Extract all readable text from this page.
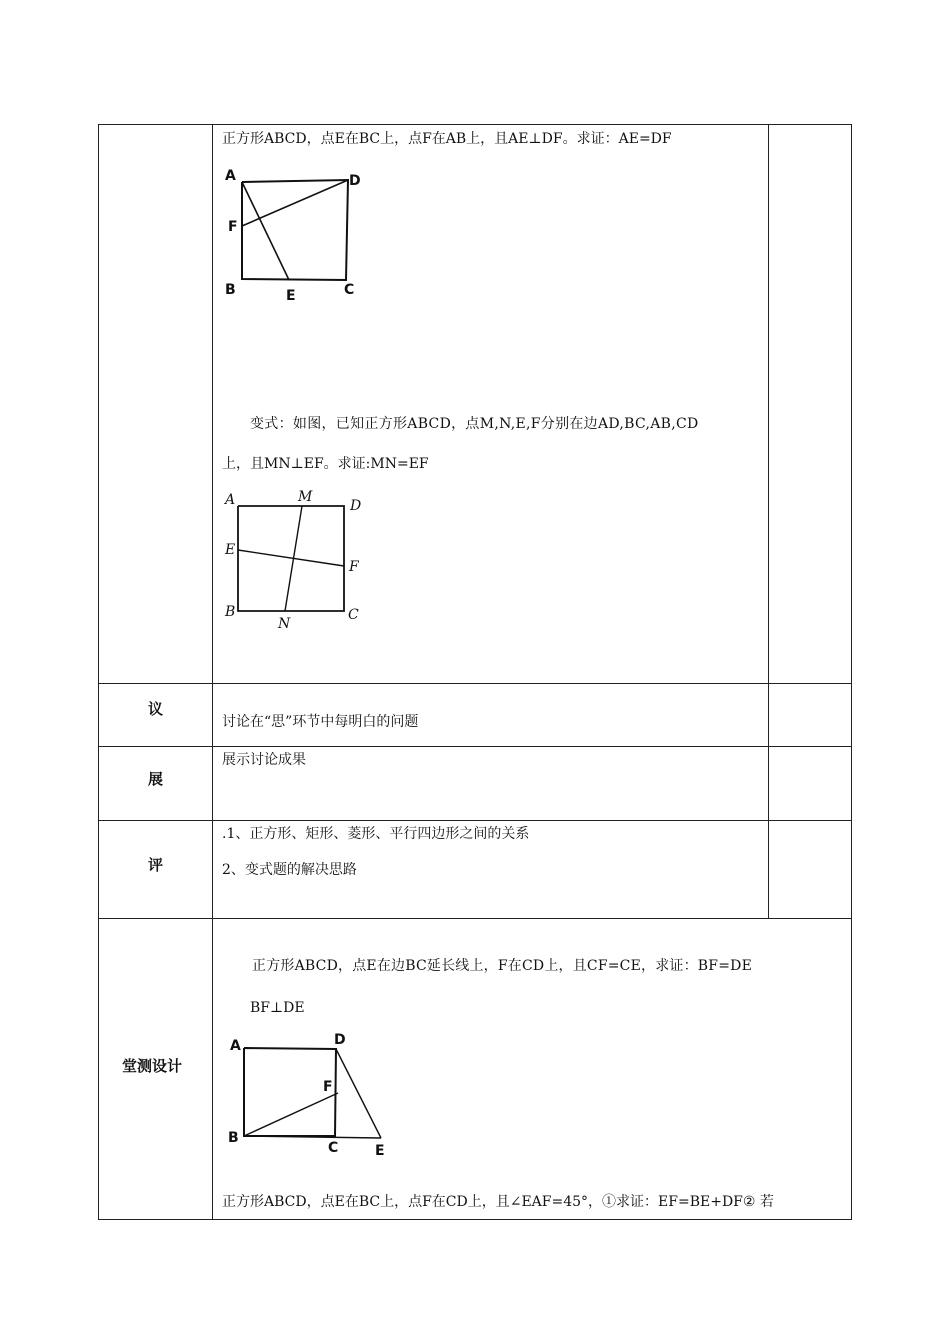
正方形ABCD，点E在BC上，点F在AB上，且AE⊥DF。求证：AE=DF
A	D
F
B	E	C
变式：如图，已知正方形ABCD，点M,N,E,F分别在边AD,BC,AB,CD
上，且MN⊥EF。求证:MN=EF
A	M
D
E
F
B
N
C
议
讨论在“思”环节中每明白的问题
展
展示讨论成果
评
.1、正方形、矩形、菱形、平行四边形之间的关系
2、变式题的解决思路
堂测设计
正方形ABCD，点E在边BC延长线上，F在CD上，且CF=CE，求证：BF=DE
BF⊥DE
A	D
F
B
C	E
正方形ABCD，点E在BC上，点F在CD上，且∠EAF=45°，①求证：EF=BE+DF② 若
